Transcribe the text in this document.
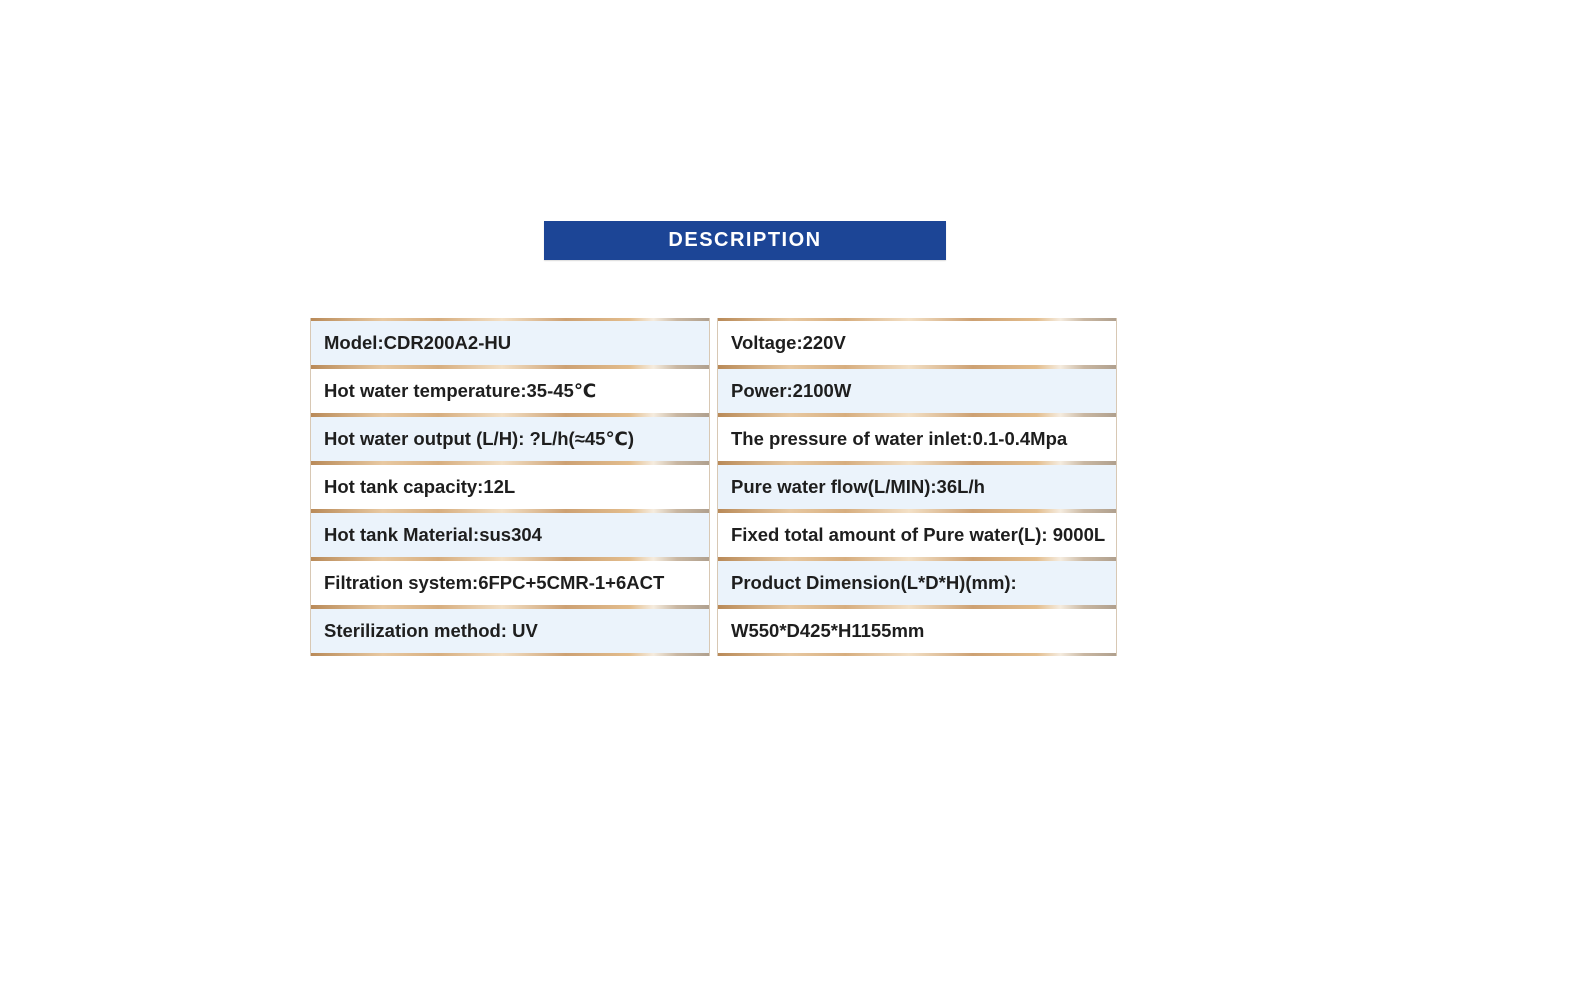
DESCRIPTION
Model:CDR200A2-HU
Hot water temperature:35-45℃
Hot water output (L/H): ?L/h(≈45℃)
Hot tank capacity:12L
Hot tank Material:sus304
Filtration system:6FPC+5CMR-1+6ACT
Sterilization method: UV
Voltage:220V
Power:2100W
The pressure of water inlet:0.1-0.4Mpa
Pure water flow(L/MIN):36L/h
Fixed total amount of Pure water(L): 9000L
Product Dimension(L*D*H)(mm):
W550*D425*H1155mm
